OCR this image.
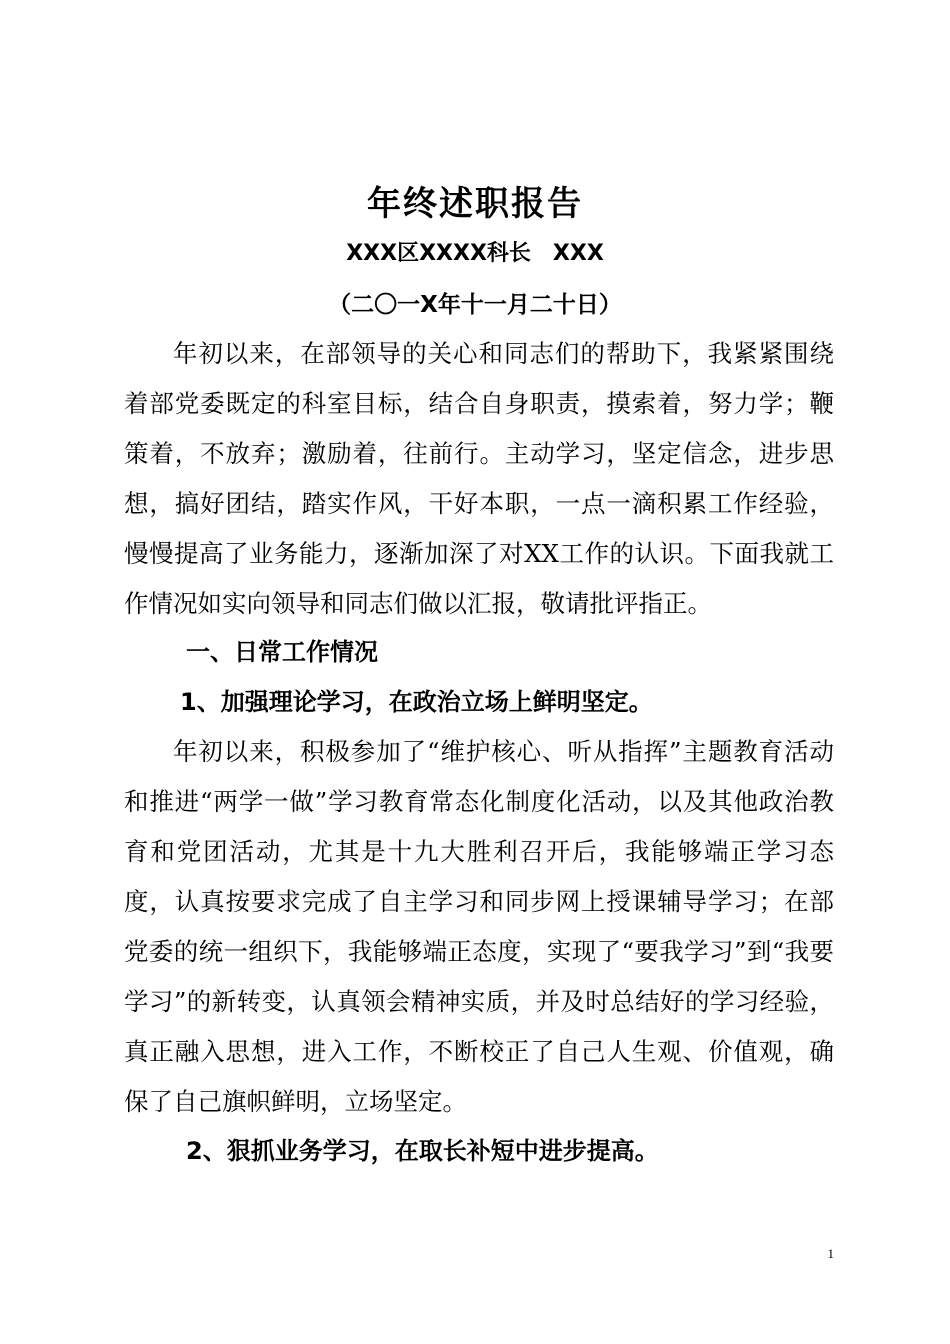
年终述职报告
XXX区XXXX科长　XXX
（二〇一X年十一月二十日）

年初以来，在部领导的关心和同志们的帮助下，我紧紧围绕着部党委既定的科室目标，结合自身职责，摸索着，努力学；鞭策着，不放弃；激励着，往前行。主动学习，坚定信念，进步思想，搞好团结，踏实作风，干好本职，一点一滴积累工作经验，慢慢提高了业务能力，逐渐加深了对XX工作的认识。下面我就工作情况如实向领导和同志们做以汇报，敬请批评指正。

一、日常工作情况
1、加强理论学习，在政治立场上鲜明坚定。

年初以来，积极参加了“维护核心、听从指挥”主题教育活动和推进“两学一做”学习教育常态化制度化活动，以及其他政治教育和党团活动，尤其是十九大胜利召开后，我能够端正学习态度，认真按要求完成了自主学习和同步网上授课辅导学习；在部党委的统一组织下，我能够端正态度，实现了“要我学习”到“我要学习”的新转变，认真领会精神实质，并及时总结好的学习经验，真正融入思想，进入工作，不断校正了自己人生观、价值观，确保了自己旗帜鲜明，立场坚定。

2、狠抓业务学习，在取长补短中进步提高。
1
